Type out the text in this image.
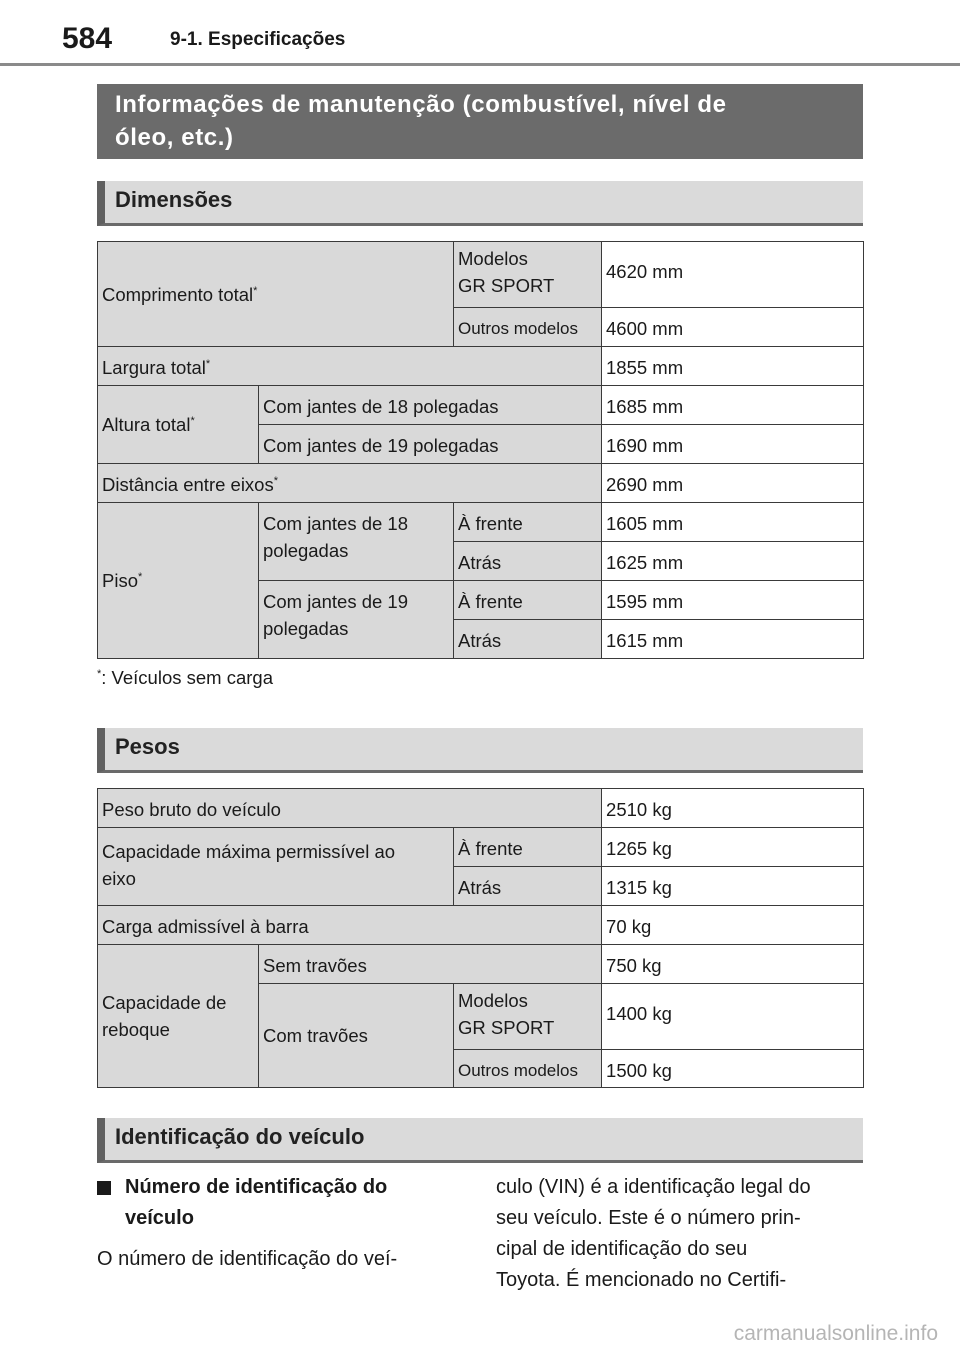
584	9-1. Especificações
Informações de manutenção (combustível, nível de
óleo, etc.)
Dimensões
Comprimento total*		Modelos
GR SPORT	4620 mm
		Outros modelos	4600 mm
Largura total*			1855 mm
Altura total*	Com jantes de 18 polegadas		1685 mm
	Com jantes de 19 polegadas		1690 mm
Distância entre eixos*			2690 mm
Piso*	Com jantes de 18
polegadas	À frente	1605 mm
		Atrás	1625 mm

	Com jantes de 19
polegadas	À frente	1595 mm
		Atrás	1615 mm
*: Veículos sem carga
Pesos
Peso bruto do veículo			2510 kg

Capacidade máxima permissível ao
eixo		À frente	1265 kg
		Atrás	1315 kg
Carga admissível à barra			70 kg

Capacidade de
reboque	Sem travões		750 kg
	Com travões	Modelos
GR SPORT	1400 kg
		Outros modelos	1500 kg
Identificação do veículo
Número de identificação do
veículo
O número de identificação do veí-
culo (VIN) é a identificação legal do
seu veículo. Este é o número prin-
cipal de identificação do seu
Toyota. É mencionado no Certifi-
carmanualsonline.info
